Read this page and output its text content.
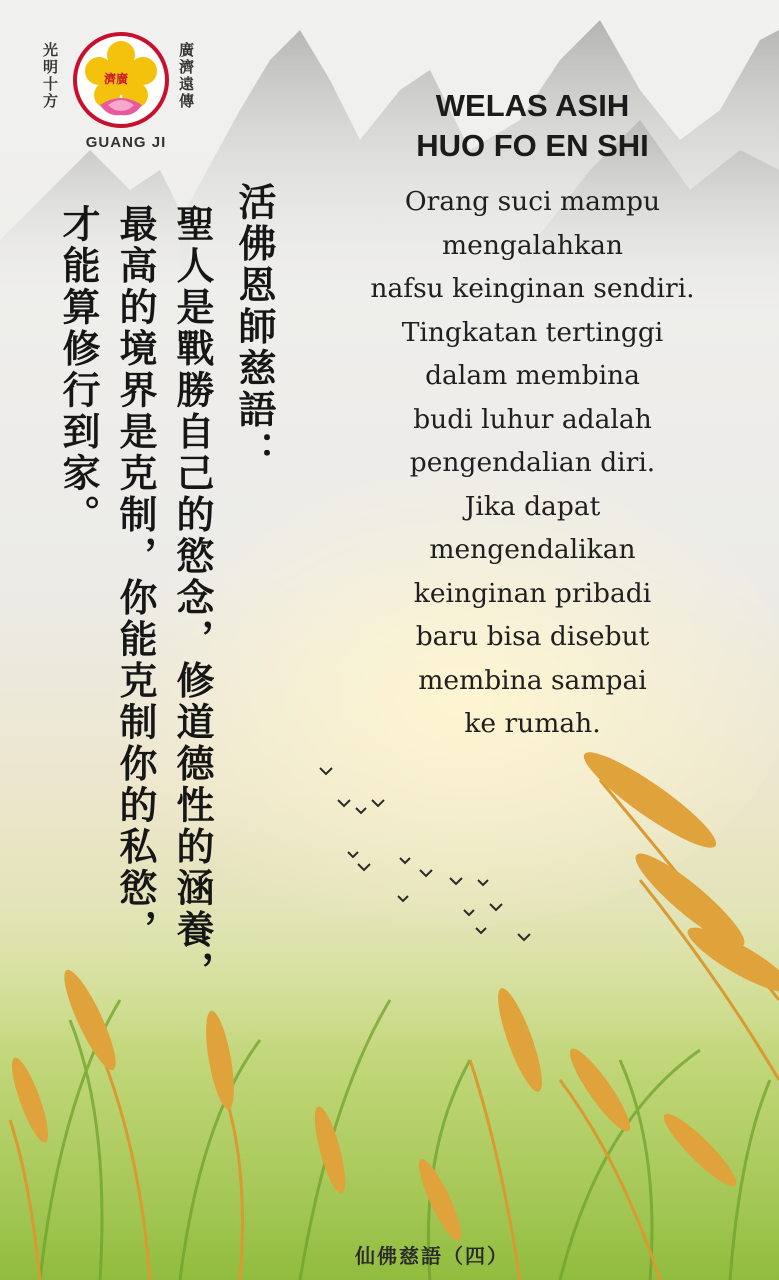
濟廣
光明十方	廣濟遠傳
GUANG JI
WELAS ASIH
HUO FO EN SHI
Orang suci mampu
mengalahkan
nafsu keinginan sendiri.
Tingkatan tertinggi
dalam membina
budi luhur adalah
pengendalian diri.
Jika dapat
mengendalikan
keinginan pribadi
baru bisa disebut
membina sampai
ke rumah.
活佛恩師慈語：
聖人是戰勝自己的慾念，修道德性的涵養，
最高的境界是克制，你能克制你的私慾，
才能算修行到家。
仙佛慈語（四）
